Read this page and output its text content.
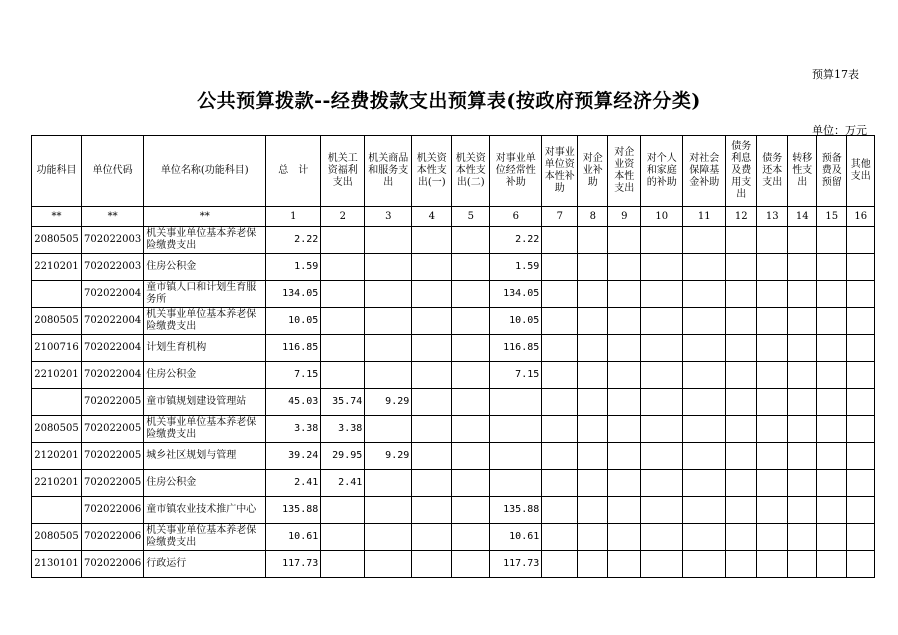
预算17表
公共预算拨款--经费拨款支出预算表(按政府预算经济分类)
单位：万元
功能科目	单位代码	单位名称(功能科目)	总　计	机关工资福利支出	机关商品和服务支出	机关资本性支出(一)	机关资本性支出(二)	对事业单位经常性补助	对事业单位资本性补助	对企业补助	对企业资本性支出	对个人和家庭的补助	对社会保障基金补助	债务利息及费用支出	债务还本支出	转移性支出	预备费及预留	其他支出
**	**	**	1	2	3	4	5	6	7	8	9	10	11	12	13	14	15	16
2080505	702022003	机关事业单位基本养老保险缴费支出	2.22					2.22										
2210201	702022003	住房公积金	1.59					1.59										
	702022004	童市镇人口和计划生育服务所	134.05					134.05										
2080505	702022004	机关事业单位基本养老保险缴费支出	10.05					10.05										
2100716	702022004	计划生育机构	116.85					116.85										
2210201	702022004	住房公积金	7.15					7.15										
	702022005	童市镇规划建设管理站	45.03	35.74	9.29													
2080505	702022005	机关事业单位基本养老保险缴费支出	3.38	3.38														
2120201	702022005	城乡社区规划与管理	39.24	29.95	9.29													
2210201	702022005	住房公积金	2.41	2.41														
	702022006	童市镇农业技术推广中心	135.88					135.88										
2080505	702022006	机关事业单位基本养老保险缴费支出	10.61					10.61										
2130101	702022006	行政运行	117.73					117.73										
